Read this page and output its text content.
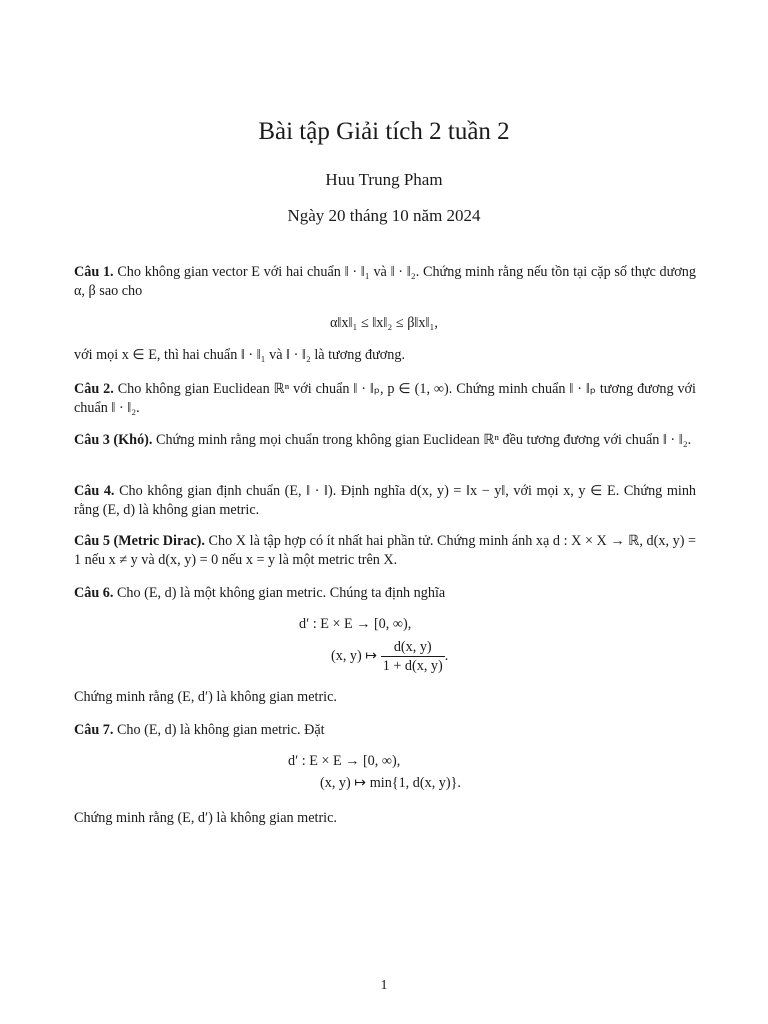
Bài tập Giải tích 2 tuần 2
Huu Trung Pham
Ngày 20 tháng 10 năm 2024
Câu 1. Cho không gian vector E với hai chuẩn ‖ · ‖₁ và ‖ · ‖₂. Chứng minh rằng nếu tồn tại cặp số thực dương α, β sao cho
α‖x‖₁ ≤ ‖x‖₂ ≤ β‖x‖₁,
với mọi x ∈ E, thì hai chuẩn ‖ · ‖₁ và ‖ · ‖₂ là tương đương.
Câu 2. Cho không gian Euclidean ℝⁿ với chuẩn ‖ · ‖ₚ, p ∈ (1, ∞). Chứng minh chuẩn ‖ · ‖ₚ tương đương với chuẩn ‖ · ‖₂.
Câu 3 (Khó). Chứng minh rằng mọi chuẩn trong không gian Euclidean ℝⁿ đều tương đương với chuẩn ‖ · ‖₂.
Câu 4. Cho không gian định chuẩn (E, ‖ · ‖). Định nghĩa d(x, y) = ‖x − y‖, với mọi x, y ∈ E. Chứng minh rằng (E, d) là không gian metric.
Câu 5 (Metric Dirac). Cho X là tập hợp có ít nhất hai phần tử. Chứng minh ánh xạ d : X × X → ℝ, d(x, y) = 1 nếu x ≠ y và d(x, y) = 0 nếu x = y là một metric trên X.
Câu 6. Cho (E, d) là một không gian metric. Chúng ta định nghĩa
d′ : E × E → [0, ∞),
(x, y) ↦ $\frac{d(x, y)}{1 + d(x, y)}$ .
Chứng minh rằng (E, d′) là không gian metric.
Câu 7. Cho (E, d) là không gian metric. Đặt
d′ : E × E → [0, ∞),
(x, y) ↦ min{1, d(x, y)}.
Chứng minh rằng (E, d′) là không gian metric.
1
